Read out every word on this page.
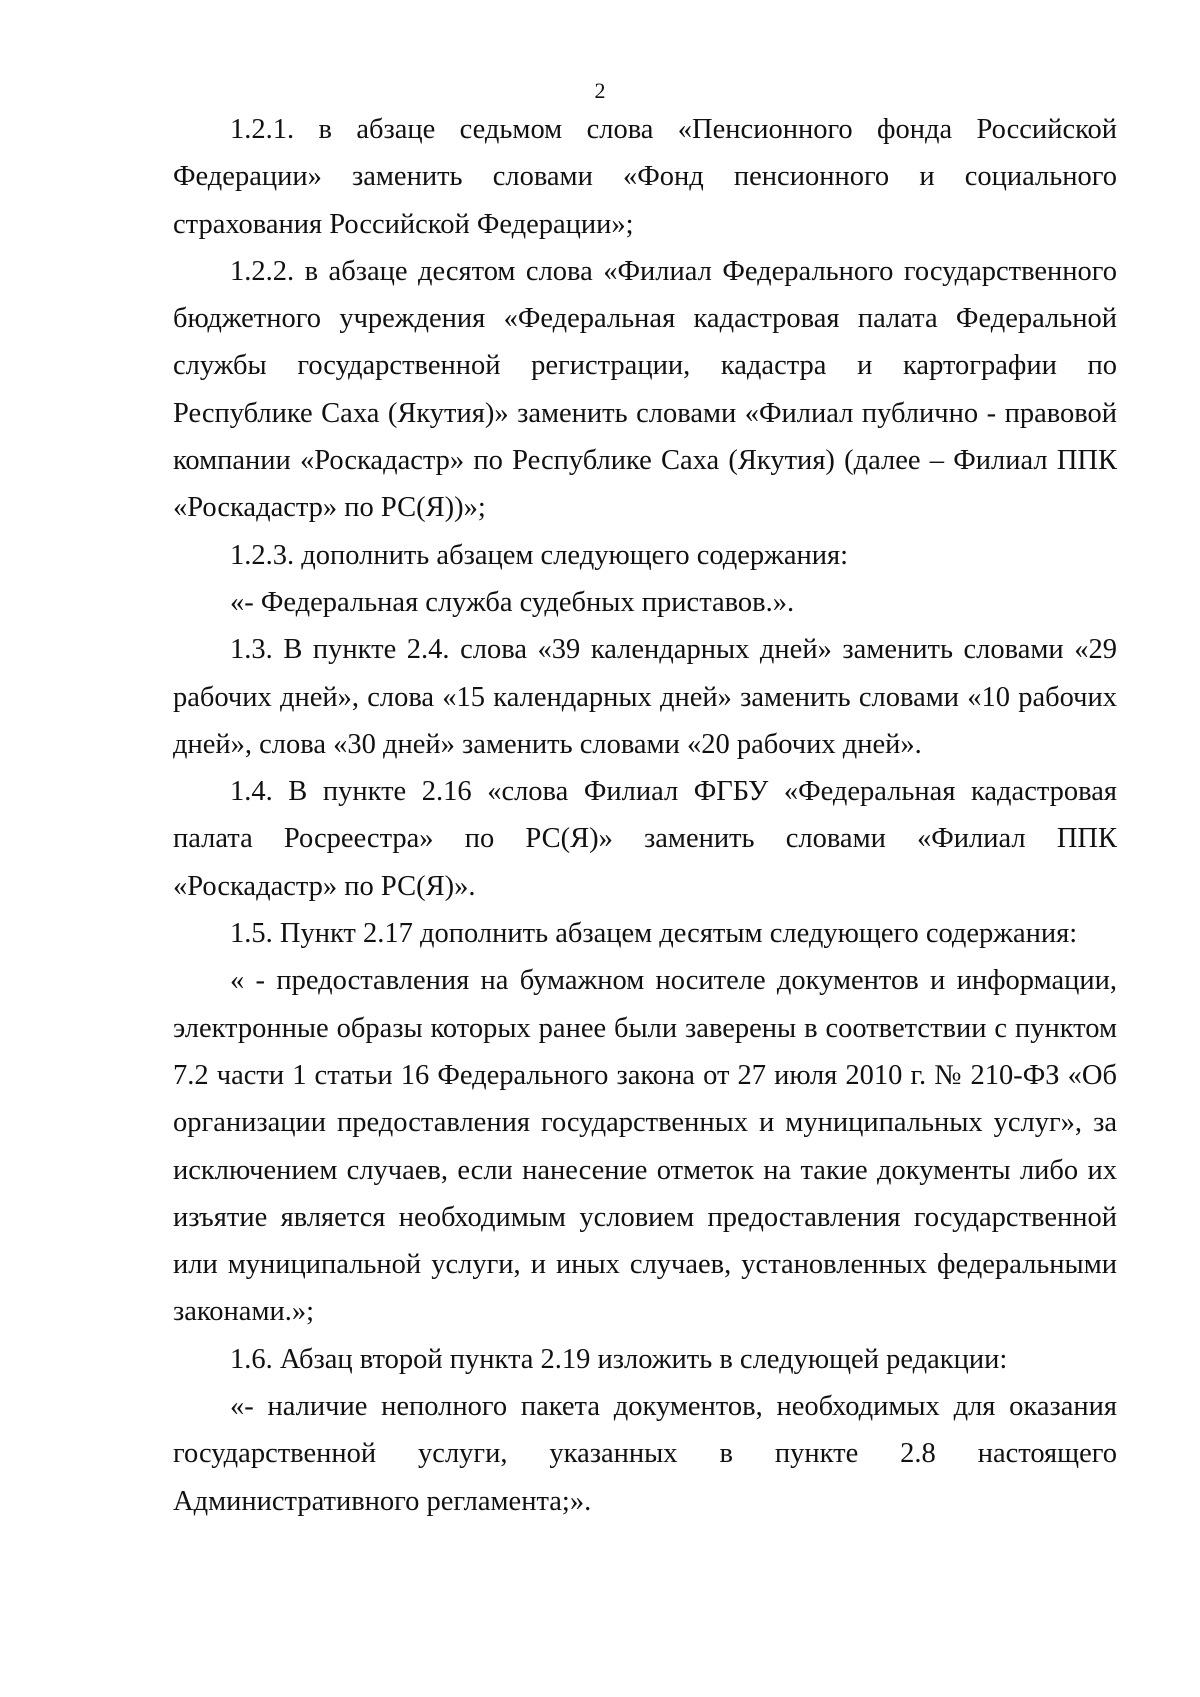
2

1.2.1. в абзаце седьмом слова «Пенсионного фонда Российской Федерации» заменить словами «Фонд пенсионного и социального страхования Российской Федерации»;

1.2.2. в абзаце десятом слова «Филиал Федерального государственного бюджетного учреждения «Федеральная кадастровая палата Федеральной службы государственной регистрации, кадастра и картографии по Республике Саха (Якутия)» заменить словами «Филиал публично - правовой компании «Роскадастр» по Республике Саха (Якутия) (далее – Филиал ППК «Роскадастр» по РС(Я))»;

1.2.3. дополнить абзацем следующего содержания:

«- Федеральная служба судебных приставов.».

1.3. В пункте 2.4. слова «39 календарных дней» заменить словами «29 рабочих дней», слова «15 календарных дней» заменить словами «10 рабочих дней», слова «30 дней» заменить словами «20 рабочих дней».

1.4. В пункте 2.16 «слова Филиал ФГБУ «Федеральная кадастровая палата Росреестра» по РС(Я)» заменить словами «Филиал ППК «Роскадастр» по РС(Я)».

1.5. Пункт 2.17 дополнить абзацем десятым следующего содержания:

« - предоставления на бумажном носителе документов и информации, электронные образы которых ранее были заверены в соответствии с пунктом 7.2 части 1 статьи 16 Федерального закона от 27 июля 2010 г. № 210-ФЗ «Об организации предоставления государственных и муниципальных услуг», за исключением случаев, если нанесение отметок на такие документы либо их изъятие является необходимым условием предоставления государственной или муниципальной услуги, и иных случаев, установленных федеральными законами.»;

1.6. Абзац второй пункта 2.19 изложить в следующей редакции:

«- наличие неполного пакета документов, необходимых для оказания государственной услуги, указанных в пункте 2.8 настоящего Административного регламента;».
